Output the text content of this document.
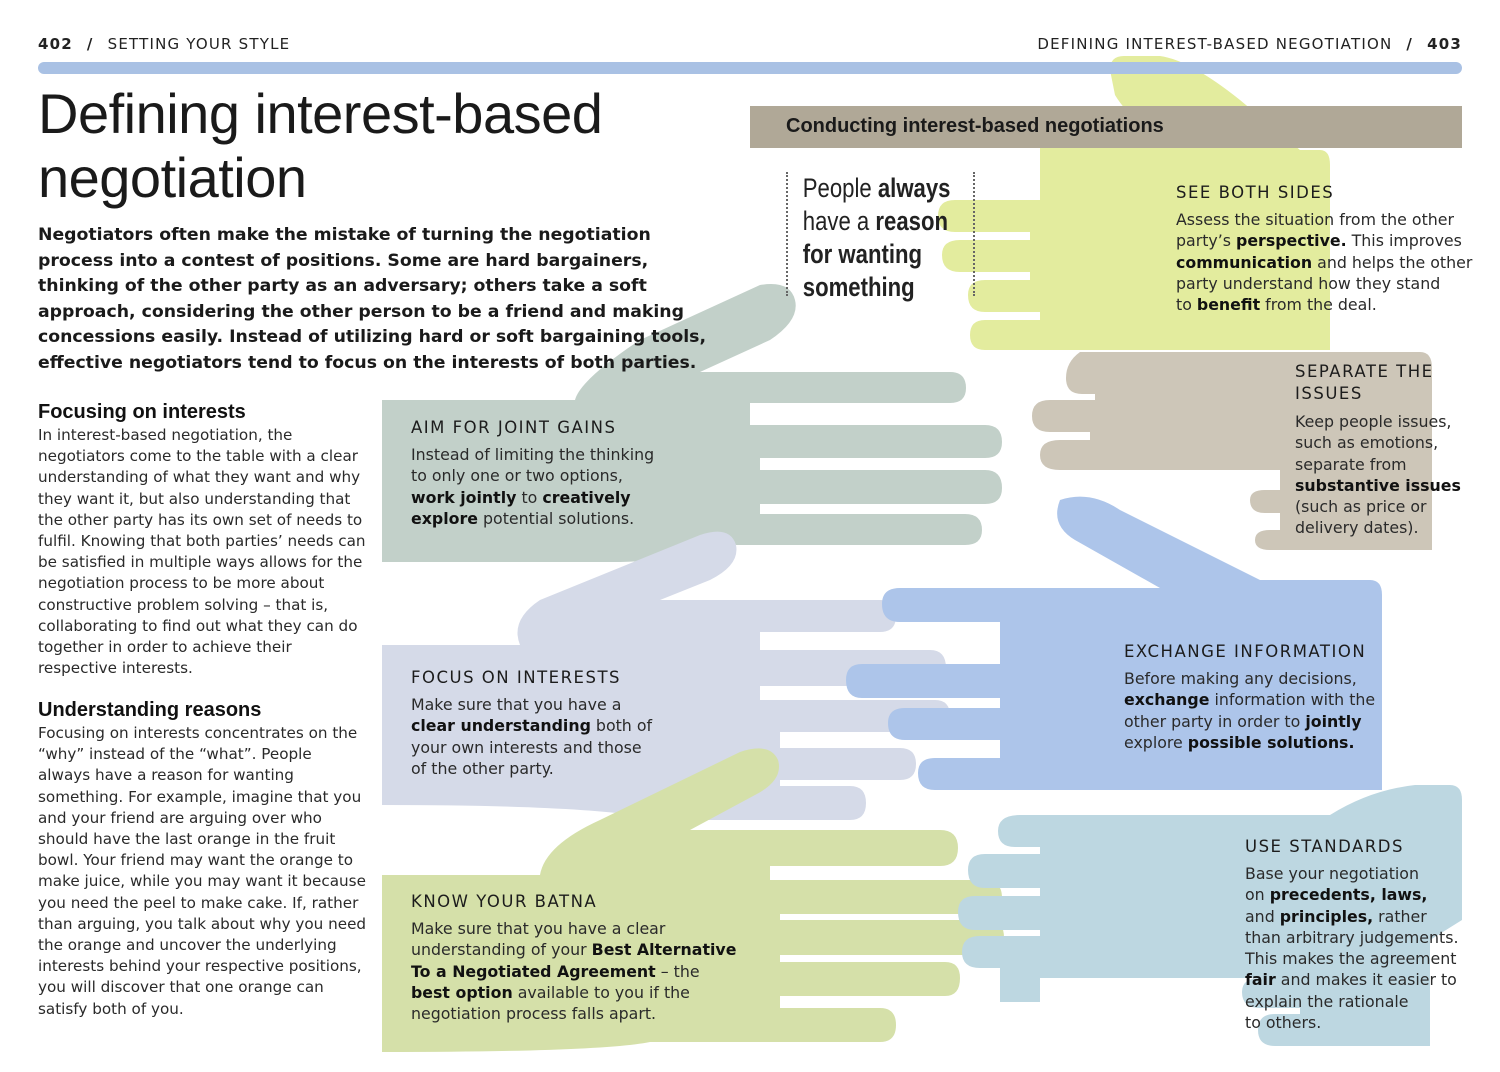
402 / SETTING YOUR STYLE	DEFINING INTEREST-BASED NEGOTIATION / 403
Defining interest-based
negotiation
Negotiators often make the mistake of turning the negotiation process into a contest of positions. Some are hard bargainers, thinking of the other party as an adversary; others take a soft approach, considering the other person to be a friend and making concessions easily. Instead of utilizing hard or soft bargaining tools, effective negotiators tend to focus on the interests of both parties.
Focusing on interests
In interest-based negotiation, the negotiators come to the table with a clear understanding of what they want and why they want it, but also understanding that the other party has its own set of needs to fulfil. Knowing that both parties’ needs can be satisfied in multiple ways allows for the negotiation process to be more about constructive problem solving – that is, collaborating to find out what they can do together in order to achieve their respective interests.
Understanding reasons
Focusing on interests concentrates on the “why” instead of the “what”. People always have a reason for wanting something. For example, imagine that you and your friend are arguing over who should have the last orange in the fruit bowl. Your friend may want the orange to make juice, while you may want it because you need the peel to make cake. If, rather than arguing, you talk about why you need the orange and uncover the underlying interests behind your respective positions, you will discover that one orange can satisfy both of you.
Conducting interest-based negotiations

People always
have a reason
for wanting
something

AIM FOR JOINT GAINS
Instead of limiting the thinking
to only one or two options,
work jointly to creatively
explore potential solutions.
FOCUS ON INTERESTS
Make sure that you have a
clear understanding both of
your own interests and those
of the other party.
KNOW YOUR BATNA
Make sure that you have a clear
understanding of your Best Alternative
To a Negotiated Agreement – the
best option available to you if the
negotiation process falls apart.
SEE BOTH SIDES
Assess the situation from the other
party’s perspective. This improves
communication and helps the other
party understand how they stand
to benefit from the deal.
SEPARATE THE
ISSUES
Keep people issues,
such as emotions,
separate from
substantive issues
(such as price or
delivery dates).
EXCHANGE INFORMATION
Before making any decisions,
exchange information with the
other party in order to jointly
explore possible solutions.
USE STANDARDS
Base your negotiation
on precedents, laws,
and principles, rather
than arbitrary judgements.
This makes the agreement
fair and makes it easier to
explain the rationale
to others.
